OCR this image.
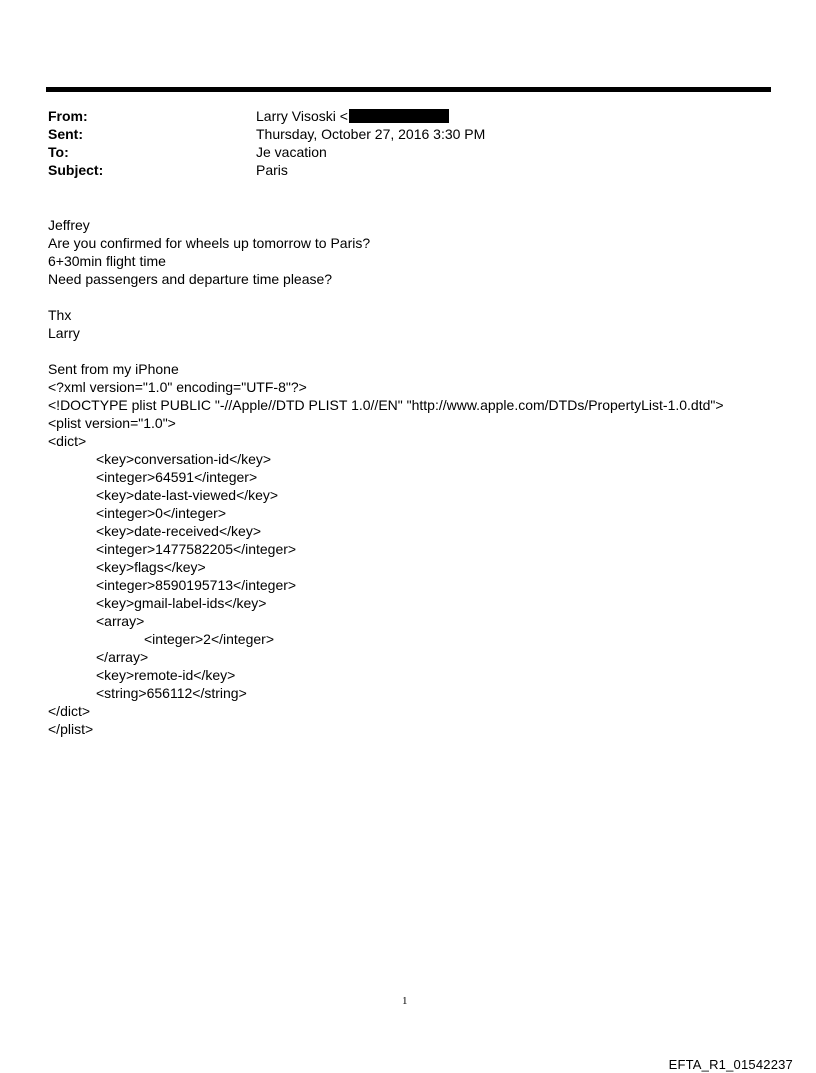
From:	Larry Visoski <
Sent:	Thursday, October 27, 2016 3:30 PM
To:	Je vacation
Subject:	Paris
Jeffrey
Are you confirmed for wheels up tomorrow to Paris?
6+30min flight time
Need passengers and departure time please?
Thx
Larry
Sent from my iPhone
<?xml version="1.0" encoding="UTF-8"?>
<!DOCTYPE plist PUBLIC "-//Apple//DTD PLIST 1.0//EN" "http://www.apple.com/DTDs/PropertyList-1.0.dtd">
<plist version="1.0">
<dict>
<key>conversation-id</key>
<integer>64591</integer>
<key>date-last-viewed</key>
<integer>0</integer>
<key>date-received</key>
<integer>1477582205</integer>
<key>flags</key>
<integer>8590195713</integer>
<key>gmail-label-ids</key>
<array>
<integer>2</integer>
</array>
<key>remote-id</key>
<string>656112</string>
</dict>
</plist>
1
EFTA_R1_01542237
